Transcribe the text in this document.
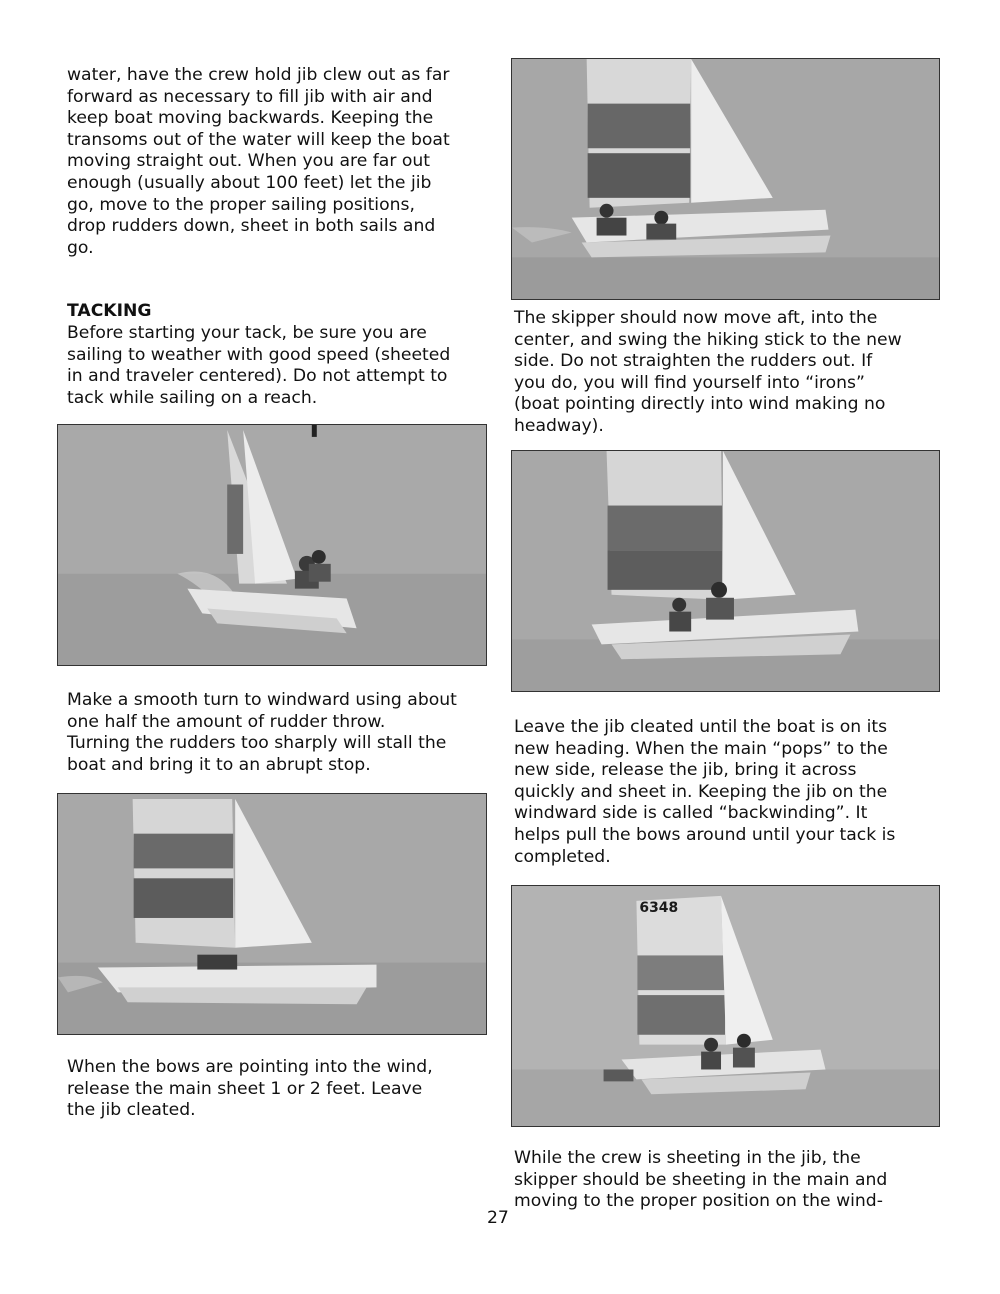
water, have the crew hold jib clew out as far
forward as necessary to fill jib with air and
keep boat moving backwards. Keeping the
transoms out of the water will keep the boat
moving straight out. When you are far out
enough (usually about 100 feet) let the jib
go, move to the proper sailing positions,
drop rudders down, sheet in both sails and
go.

TACKING

Before starting your tack, be sure you are
sailing to weather with good speed (sheeted
in and traveler centered). Do not attempt to
tack while sailing on a reach.

Make a smooth turn to windward using about
one half the amount of rudder throw.
Turning the rudders too sharply will stall the
boat and bring it to an abrupt stop.

When the bows are pointing into the wind,
release the main sheet 1 or 2 feet. Leave
the jib cleated.

The skipper should now move aft, into the
center, and swing the hiking stick to the new
side. Do not straighten the rudders out. If
you do, you will find yourself into “irons”
(boat pointing directly into wind making no
headway).

Leave the jib cleated until the boat is on its
new heading. When the main “pops” to the
new side, release the jib, bring it across
quickly and sheet in. Keeping the jib on the
windward side is called “backwinding”. It
helps pull the bows around until your tack is
completed.

6348

While the crew is sheeting in the jib, the
skipper should be sheeting in the main and
moving to the proper position on the wind-

27
